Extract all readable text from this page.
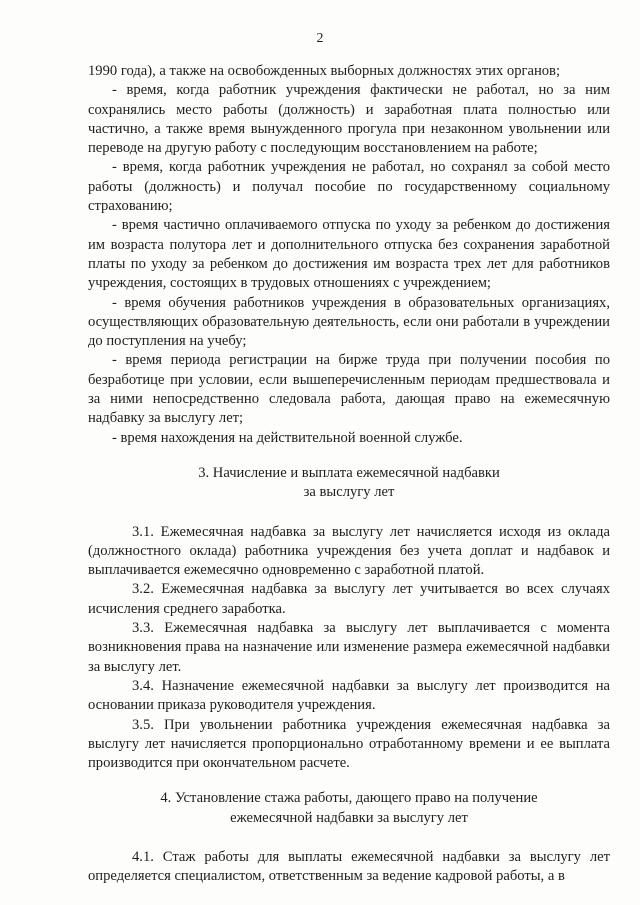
2

1990 года), а также на освобожденных выборных должностях этих органов;

- время, когда работник учреждения фактически не работал, но за ним сохранялись место работы (должность) и заработная плата полностью или частично, а также время вынужденного прогула при незаконном увольнении или переводе на другую работу с последующим восстановлением на работе;

- время, когда работник учреждения не работал, но сохранял за собой место работы (должность) и получал пособие по государственному социальному страхованию;

- время частично оплачиваемого отпуска по уходу за ребенком до достижения им возраста полутора лет и дополнительного отпуска без сохранения заработной платы по уходу за ребенком до достижения им возраста трех лет для работников учреждения, состоящих в трудовых отношениях с учреждением;

- время обучения работников учреждения в образовательных организациях, осуществляющих образовательную деятельность, если они работали в учреждении до поступления на учебу;

- время периода регистрации на бирже труда при получении пособия по безработице при условии, если вышеперечисленным периодам предшествовала и за ними непосредственно следовала работа, дающая право на ежемесячную надбавку за выслугу лет;

- время нахождения на действительной военной службе.

3. Начисление и выплата ежемесячной надбавки
за выслугу лет

3.1. Ежемесячная надбавка за выслугу лет начисляется исходя из оклада (должностного оклада) работника учреждения без учета доплат и надбавок и выплачивается ежемесячно одновременно с заработной платой.

3.2. Ежемесячная надбавка за выслугу лет учитывается во всех случаях исчисления среднего заработка.

3.3. Ежемесячная надбавка за выслугу лет выплачивается с момента возникновения права на назначение или изменение размера ежемесячной надбавки за выслугу лет.

3.4. Назначение ежемесячной надбавки за выслугу лет производится на основании приказа руководителя учреждения.

3.5. При увольнении работника учреждения ежемесячная надбавка за выслугу лет начисляется пропорционально отработанному времени и ее выплата производится при окончательном расчете.

4. Установление стажа работы, дающего право на получение
ежемесячной надбавки за выслугу лет

4.1. Стаж работы для выплаты ежемесячной надбавки за выслугу лет определяется специалистом, ответственным за ведение кадровой работы, а в
